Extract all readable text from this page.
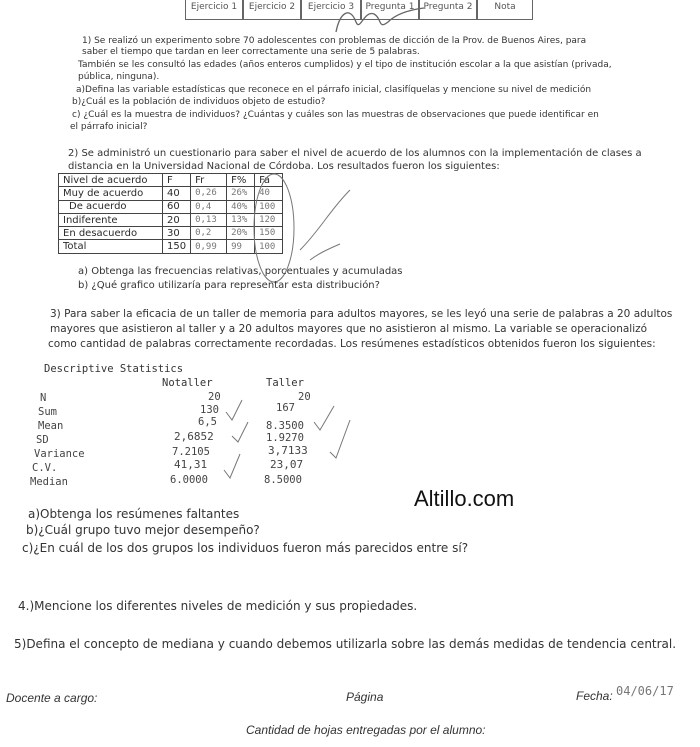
Ejercicio 1	Ejercicio 2	Ejercicio 3	Pregunta 1 Pregunta 2	Nota
1) Se realizó un experimento sobre 70 adolescentes con problemas de dicción de la Prov. de Buenos Aires, para
saber el tiempo que tardan en leer correctamente una serie de 5 palabras.
También se les consultó las edades (años enteros cumplidos) y el tipo de institución escolar a la que asistían (privada,
pública, ninguna).
a)Defina las variable estadísticas que reconece en el párrafo inicial, clasifíquelas y mencione su nivel de medición
b)¿Cuál es la población de individuos objeto de estudio?
c) ¿Cuál es la muestra de individuos? ¿Cuántas y cuáles son las muestras de observaciones que puede identificar en
el párrafo inicial?
2) Se administró un cuestionario para saber el nivel de acuerdo de los alumnos con la implementación de clases a
distancia en la Universidad Nacional de Córdoba. Los resultados fueron los siguientes:
Nivel de acuerdo	F	Fr	F%	Fa
Muy de acuerdo	40	0,26	26%	40
De acuerdo	60	0,4	40%	100
Indiferente	20	0,13	13%	120
En desacuerdo	30	0,2	20%	150
Total	150	0,99	99	100
a) Obtenga las frecuencias relativas, porcentuales y acumuladas
b) ¿Qué grafico utilizaría para representar esta distribución?
3) Para saber la eficacia de un taller de memoria para adultos mayores, se les leyó una serie de palabras a 20 adultos
mayores que asistieron al taller y a 20 adultos mayores que no asistieron al mismo. La variable se operacionalizó
como cantidad de palabras correctamente recordadas. Los resúmenes estadísticos obtenidos fueron los siguientes:
Descriptive Statistics
Notaller	Taller
N	20	20
Sum	130	167
Mean	6,5	8.3500
SD	2,6852	1.9270
Variance	7.2105	3,7133
C.V.	41,31	23,07
Median	6.0000	8.5000
Altillo.com
a)Obtenga los resúmenes faltantes
b)¿Cuál grupo tuvo mejor desempeño?
c)¿En cuál de los dos grupos los individuos fueron más parecidos entre sí?
4.)Mencione los diferentes niveles de medición y sus propiedades.
5)Defina el concepto de mediana y cuando debemos utilizarla sobre las demás medidas de tendencia central.
Docente a cargo:	Página	Fecha: 04/06/17
Cantidad de hojas entregadas por el alumno:
